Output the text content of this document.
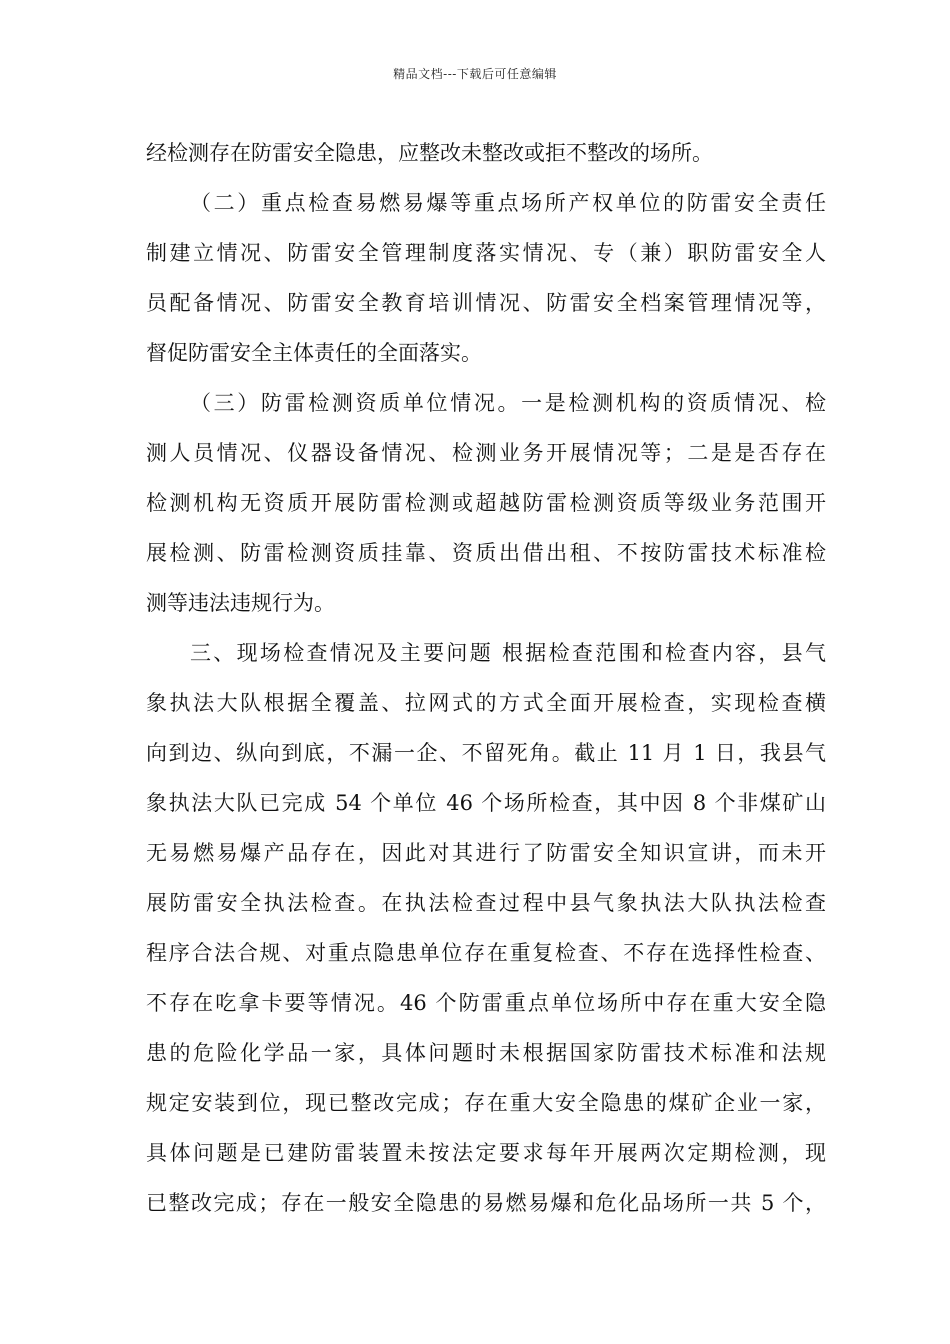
精品文档---下载后可任意编辑
经检测存在防雷安全隐患，应整改未整改或拒不整改的场所。
（二）重点检查易燃易爆等重点场所产权单位的防雷安全责任
制建立情况、防雷安全管理制度落实情况、专（兼）职防雷安全人
员配备情况、防雷安全教育培训情况、防雷安全档案管理情况等，
督促防雷安全主体责任的全面落实。
（三）防雷检测资质单位情况。一是检测机构的资质情况、检
测人员情况、仪器设备情况、检测业务开展情况等；二是是否存在
检测机构无资质开展防雷检测或超越防雷检测资质等级业务范围开
展检测、防雷检测资质挂靠、资质出借出租、不按防雷技术标准检
测等违法违规行为。
三、现场检查情况及主要问题 根据检查范围和检查内容，县气
象执法大队根据全覆盖、拉网式的方式全面开展检查，实现检查横
向到边、纵向到底，不漏一企、不留死角。截止 11 月 1 日，我县气
象执法大队已完成 54 个单位 46 个场所检查，其中因 8 个非煤矿山
无易燃易爆产品存在，因此对其进行了防雷安全知识宣讲，而未开
展防雷安全执法检查。在执法检查过程中县气象执法大队执法检查
程序合法合规、对重点隐患单位存在重复检查、不存在选择性检查、
不存在吃拿卡要等情况。46 个防雷重点单位场所中存在重大安全隐
患的危险化学品一家，具体问题时未根据国家防雷技术标准和法规
规定安装到位，现已整改完成；存在重大安全隐患的煤矿企业一家，
具体问题是已建防雷装置未按法定要求每年开展两次定期检测，现
已整改完成；存在一般安全隐患的易燃易爆和危化品场所一共 5 个，
